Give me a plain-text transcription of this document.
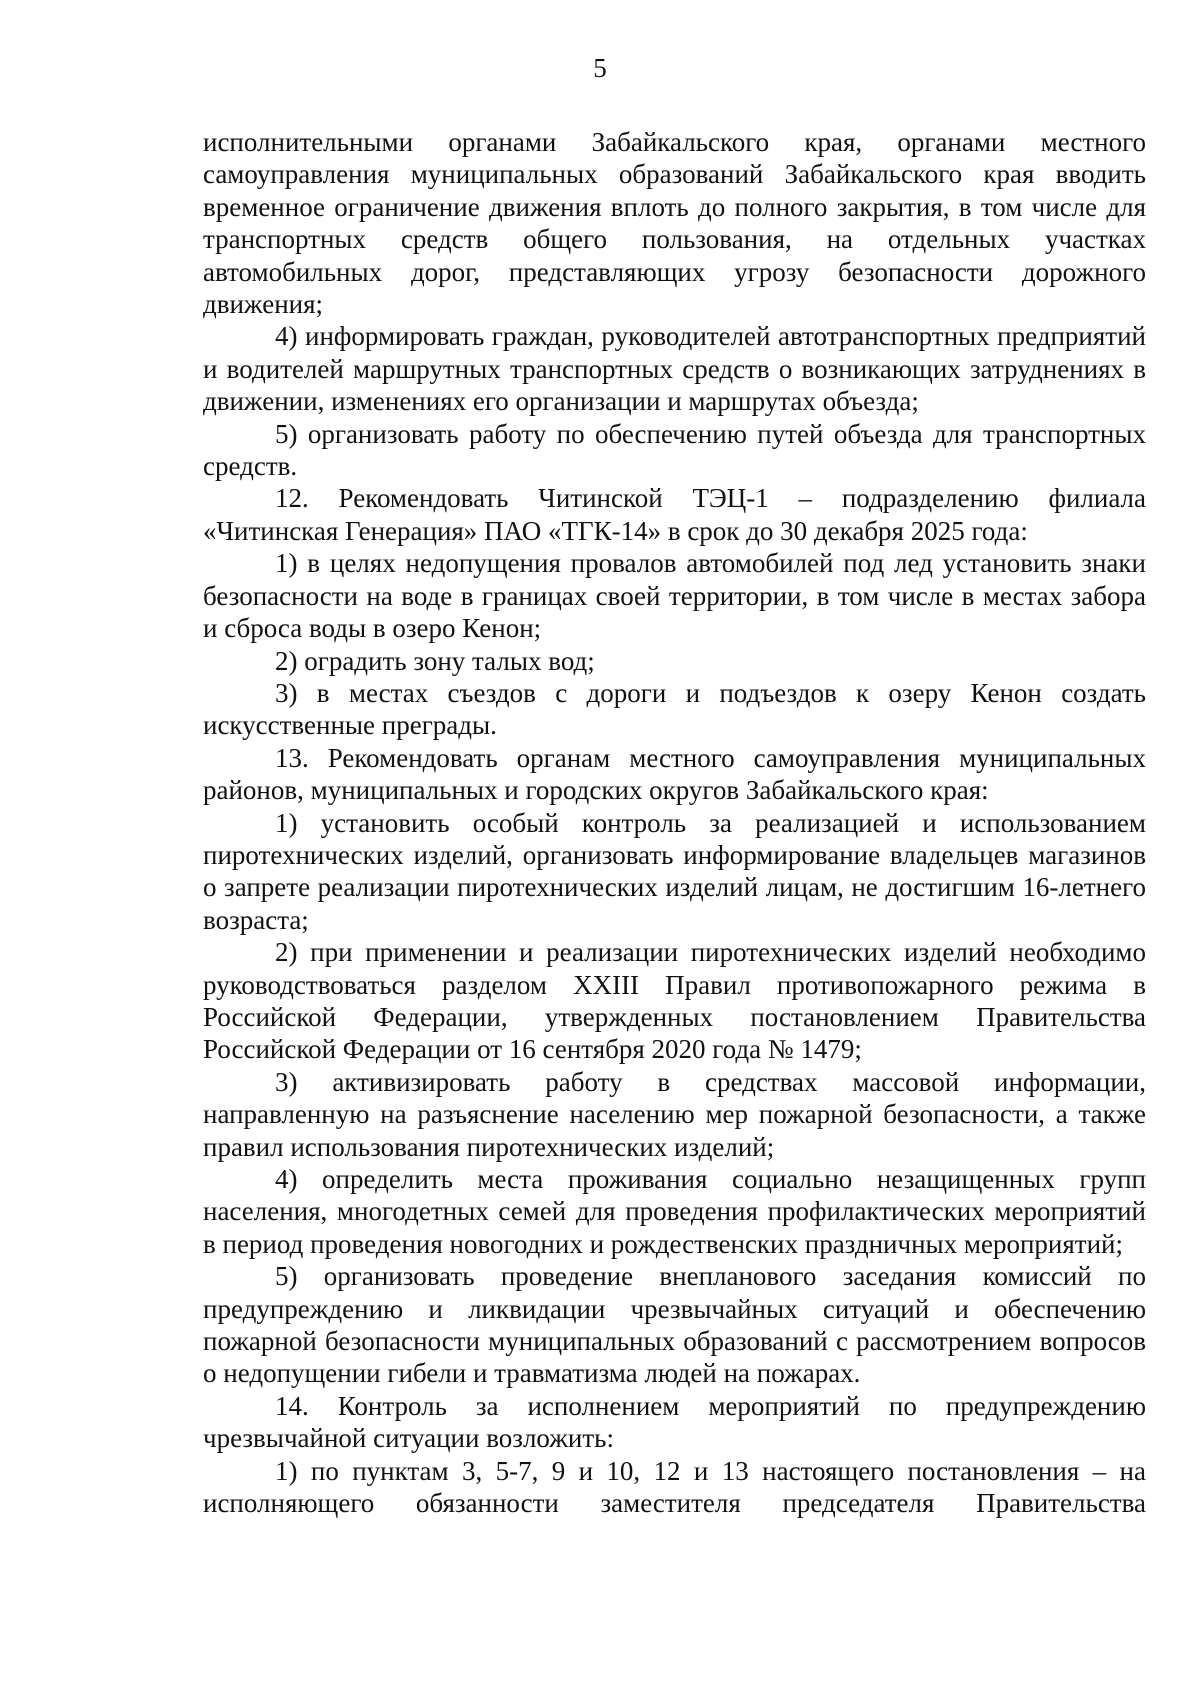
5

исполнительными органами Забайкальского края, органами местного самоуправления муниципальных образований Забайкальского края вводить временное ограничение движения вплоть до полного закрытия, в том числе для транспортных средств общего пользования, на отдельных участках автомобильных дорог, представляющих угрозу безопасности дорожного движения;

4) информировать граждан, руководителей автотранспортных предприятий и водителей маршрутных транспортных средств о возникающих затруднениях в движении, изменениях его организации и маршрутах объезда;

5) организовать работу по обеспечению путей объезда для транспортных средств.

12. Рекомендовать Читинской ТЭЦ-1 – подразделению филиала «Читинская Генерация» ПАО «ТГК-14» в срок до 30 декабря 2025 года:

1) в целях недопущения провалов автомобилей под лед установить знаки безопасности на воде в границах своей территории, в том числе в местах забора и сброса воды в озеро Кенон;

2) оградить зону талых вод;

3) в местах съездов с дороги и подъездов к озеру Кенон создать искусственные преграды.

13. Рекомендовать органам местного самоуправления муниципальных районов, муниципальных и городских округов Забайкальского края:

1) установить особый контроль за реализацией и использованием пиротехнических изделий, организовать информирование владельцев магазинов о запрете реализации пиротехнических изделий лицам, не достигшим 16-летнего возраста;

2) при применении и реализации пиротехнических изделий необходимо руководствоваться разделом XXIII Правил противопожарного режима в Российской Федерации, утвержденных постановлением Правительства Российской Федерации от 16 сентября 2020 года № 1479;

3) активизировать работу в средствах массовой информации, направленную на разъяснение населению мер пожарной безопасности, а также правил использования пиротехнических изделий;

4) определить места проживания социально незащищенных групп населения, многодетных семей для проведения профилактических мероприятий в период проведения новогодних и рождественских праздничных мероприятий;

5) организовать проведение внепланового заседания комиссий по предупреждению и ликвидации чрезвычайных ситуаций и обеспечению пожарной безопасности муниципальных образований с рассмотрением вопросов о недопущении гибели и травматизма людей на пожарах.

14. Контроль за исполнением мероприятий по предупреждению чрезвычайной ситуации возложить:

1) по пунктам 3, 5-7, 9 и 10, 12 и 13 настоящего постановления – на исполняющего обязанности заместителя председателя Правительства
